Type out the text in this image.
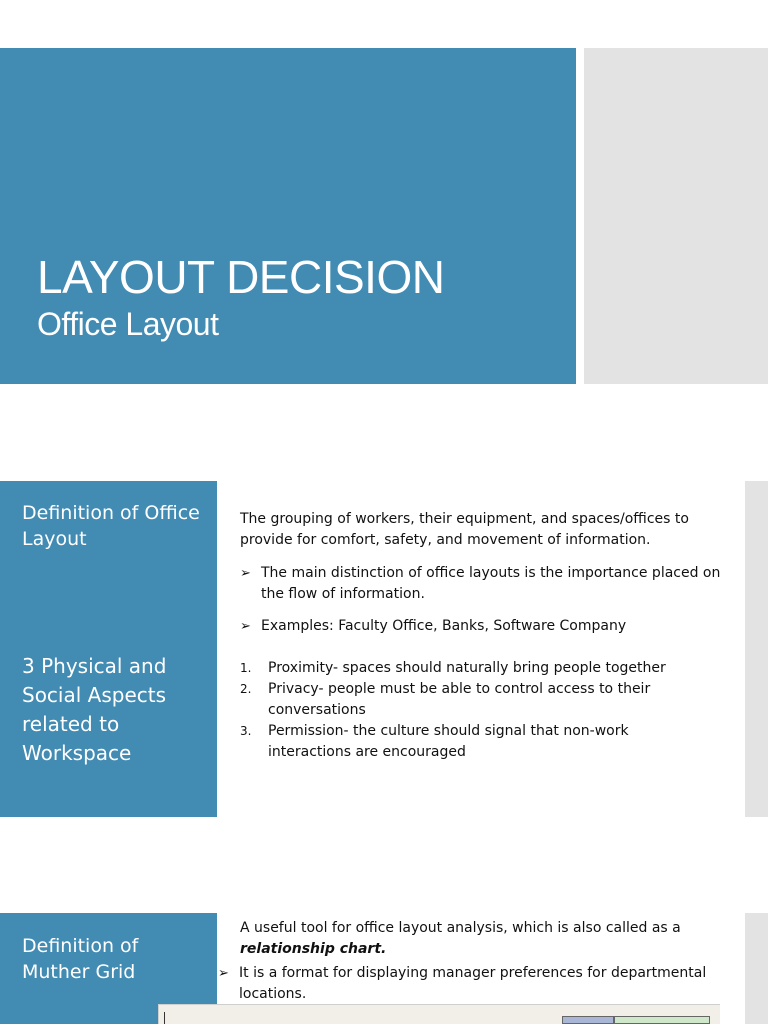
LAYOUT DECISION
Office Layout
Definition of Office Layout
3 Physical and Social Aspects related to Workspace
The grouping of workers, their equipment, and spaces/offices to provide for comfort, safety, and movement of information.
➢ The main distinction of office layouts is the importance placed on the flow of information.
➢ Examples: Faculty Office, Banks, Software Company
1.	Proximity- spaces should naturally bring people together
2.	Privacy- people must be able to control access to their conversations
3.	Permission- the culture should signal that non-work interactions are encouraged
Definition of Muther Grid
A useful tool for office layout analysis, which is also called as a relationship chart.
➢ It is a format for displaying manager preferences for departmental locations.
